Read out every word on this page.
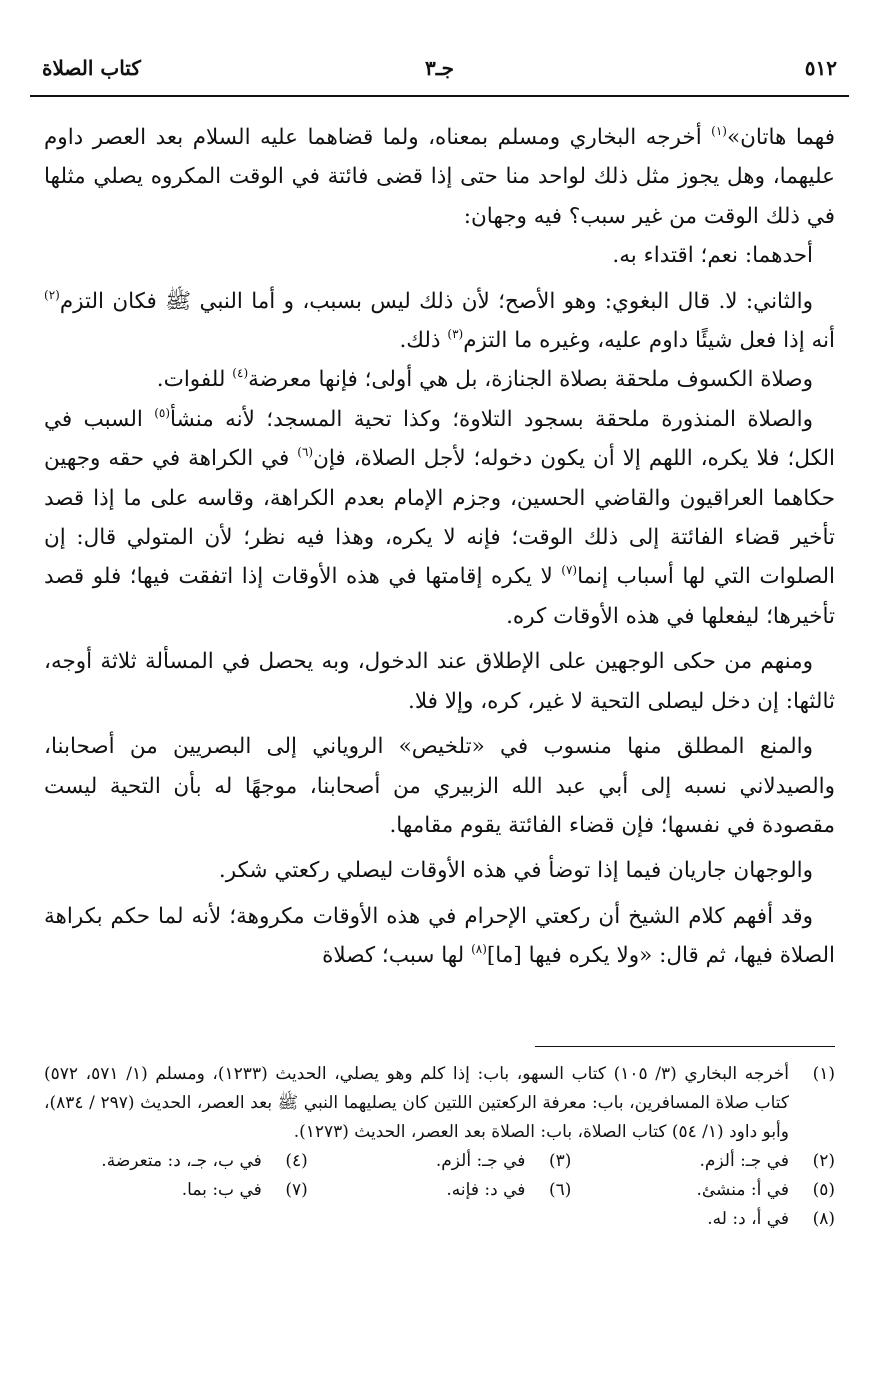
٥١٢
جـ٣
كتاب الصلاة

فهما هاتان»$^{(١)}$ أخرجه البخاري ومسلم بمعناه، ولما قضاهما عليه السلام بعد العصر داوم عليهما، وهل يجوز مثل ذلك لواحد منا حتى إذا قضى فائتة في الوقت المكروه يصلي مثلها في ذلك الوقت من غير سبب؟ فيه وجهان:

أحدهما: نعم؛ اقتداء به.

والثاني: لا. قال البغوي: وهو الأصح؛ لأن ذلك ليس بسبب، و أما النبي ﷺ فكان التزم$^{(٢)}$ أنه إذا فعل شيئًا داوم عليه، وغيره ما التزم$^{(٣)}$ ذلك.

وصلاة الكسوف ملحقة بصلاة الجنازة، بل هي أولى؛ فإنها معرضة$^{(٤)}$ للفوات.

والصلاة المنذورة ملحقة بسجود التلاوة؛ وكذا تحية المسجد؛ لأنه منشأ$^{(٥)}$ السبب في الكل؛ فلا يكره، اللهم إلا أن يكون دخوله؛ لأجل الصلاة، فإن$^{(٦)}$ في الكراهة في حقه وجهين حكاهما العراقيون والقاضي الحسين، وجزم الإمام بعدم الكراهة، وقاسه على ما إذا قصد تأخير قضاء الفائتة إلى ذلك الوقت؛ فإنه لا يكره، وهذا فيه نظر؛ لأن المتولي قال: إن الصلوات التي لها أسباب إنما$^{(٧)}$ لا يكره إقامتها في هذه الأوقات إذا اتفقت فيها؛ فلو قصد تأخيرها؛ ليفعلها في هذه الأوقات كره.

ومنهم من حكى الوجهين على الإطلاق عند الدخول، وبه يحصل في المسألة ثلاثة أوجه، ثالثها: إن دخل ليصلى التحية لا غير، كره، وإلا فلا.

والمنع المطلق منها منسوب في «تلخيص» الروياني إلى البصريين من أصحابنا، والصيدلاني نسبه إلى أبي عبد الله الزبيري من أصحابنا، موجهًا له بأن التحية ليست مقصودة في نفسها؛ فإن قضاء الفائتة يقوم مقامها.

والوجهان جاريان فيما إذا توضأ في هذه الأوقات ليصلي ركعتي شكر.

وقد أفهم كلام الشيخ أن ركعتي الإحرام في هذه الأوقات مكروهة؛ لأنه لما حكم بكراهة الصلاة فيها، ثم قال: «ولا يكره فيها [ما]$^{(٨)}$ لها سبب؛ كصلاة

(١)
أخرجه البخاري (٣/ ١٠٥) كتاب السهو، باب: إذا كلم وهو يصلي، الحديث (١٢٣٣)، ومسلم (١/ ٥٧١، ٥٧٢) كتاب صلاة المسافرين، باب: معرفة الركعتين اللتين كان يصليهما النبي ﷺ بعد العصر، الحديث (٢٩٧ / ٨٣٤)، وأبو داود (١/ ٥٤) كتاب الصلاة، باب: الصلاة بعد العصر، الحديث (١٢٧٣).
(٢)
في جـ: ألزم.
(٣)
في جـ: ألزم.
(٤)
في ب، جـ، د: متعرضة.
(٥)
في أ: منشئ.
(٦)
في د: فإنه.
(٧)
في ب: بما.
(٨)
في أ، د: له.
